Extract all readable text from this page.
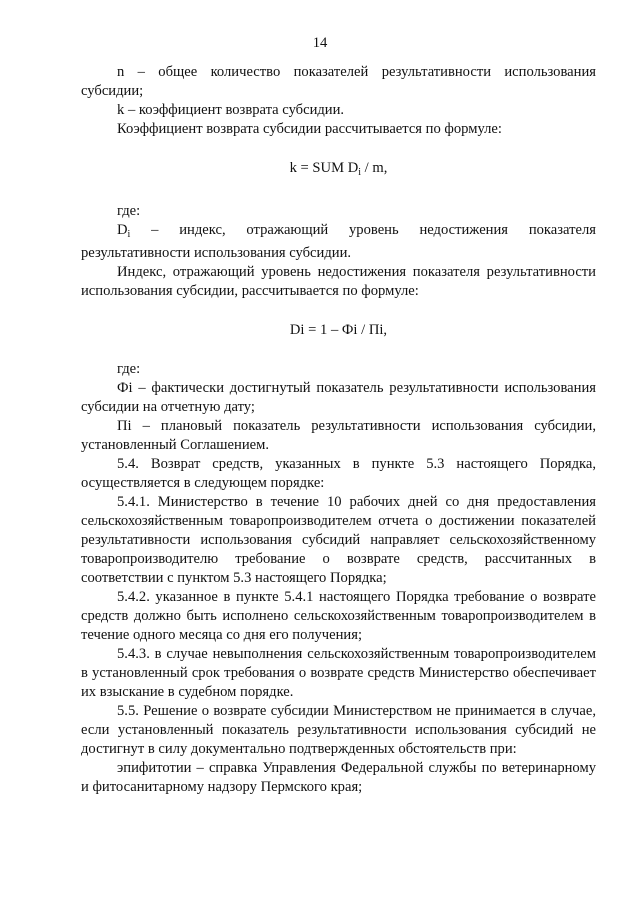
14

n – общее количество показателей результативности использования субсидии;

k – коэффициент возврата субсидии.

Коэффициент возврата субсидии рассчитывается по формуле:

k = SUM $D_i$ / m,

где:

$D_i$ – индекс, отражающий уровень недостижения показателя результативности использования субсидии.

Индекс, отражающий уровень недостижения показателя результативности использования субсидии, рассчитывается по формуле:

Di = 1 – Фi / Пi,

где:

Фi – фактически достигнутый показатель результативности использования субсидии на отчетную дату;

Пi – плановый показатель результативности использования субсидии, установленный Соглашением.

5.4. Возврат средств, указанных в пункте 5.3 настоящего Порядка, осуществляется в следующем порядке:

5.4.1. Министерство в течение 10 рабочих дней со дня предоставления сельскохозяйственным товаропроизводителем отчета о достижении показателей результативности использования субсидий направляет сельскохозяйственному товаропроизводителю требование о возврате средств, рассчитанных в соответствии с пунктом 5.3 настоящего Порядка;

5.4.2. указанное в пункте 5.4.1 настоящего Порядка требование о возврате средств должно быть исполнено сельскохозяйственным товаропроизводителем в течение одного месяца со дня его получения;

5.4.3. в случае невыполнения сельскохозяйственным товаропроизводителем в установленный срок требования о возврате средств Министерство обеспечивает их взыскание в судебном порядке.

5.5. Решение о возврате субсидии Министерством не принимается в случае, если установленный показатель результативности использования субсидий не достигнут в силу документально подтвержденных обстоятельств при:

эпифитотии – справка Управления Федеральной службы по ветеринарному и фитосанитарному надзору Пермского края;
